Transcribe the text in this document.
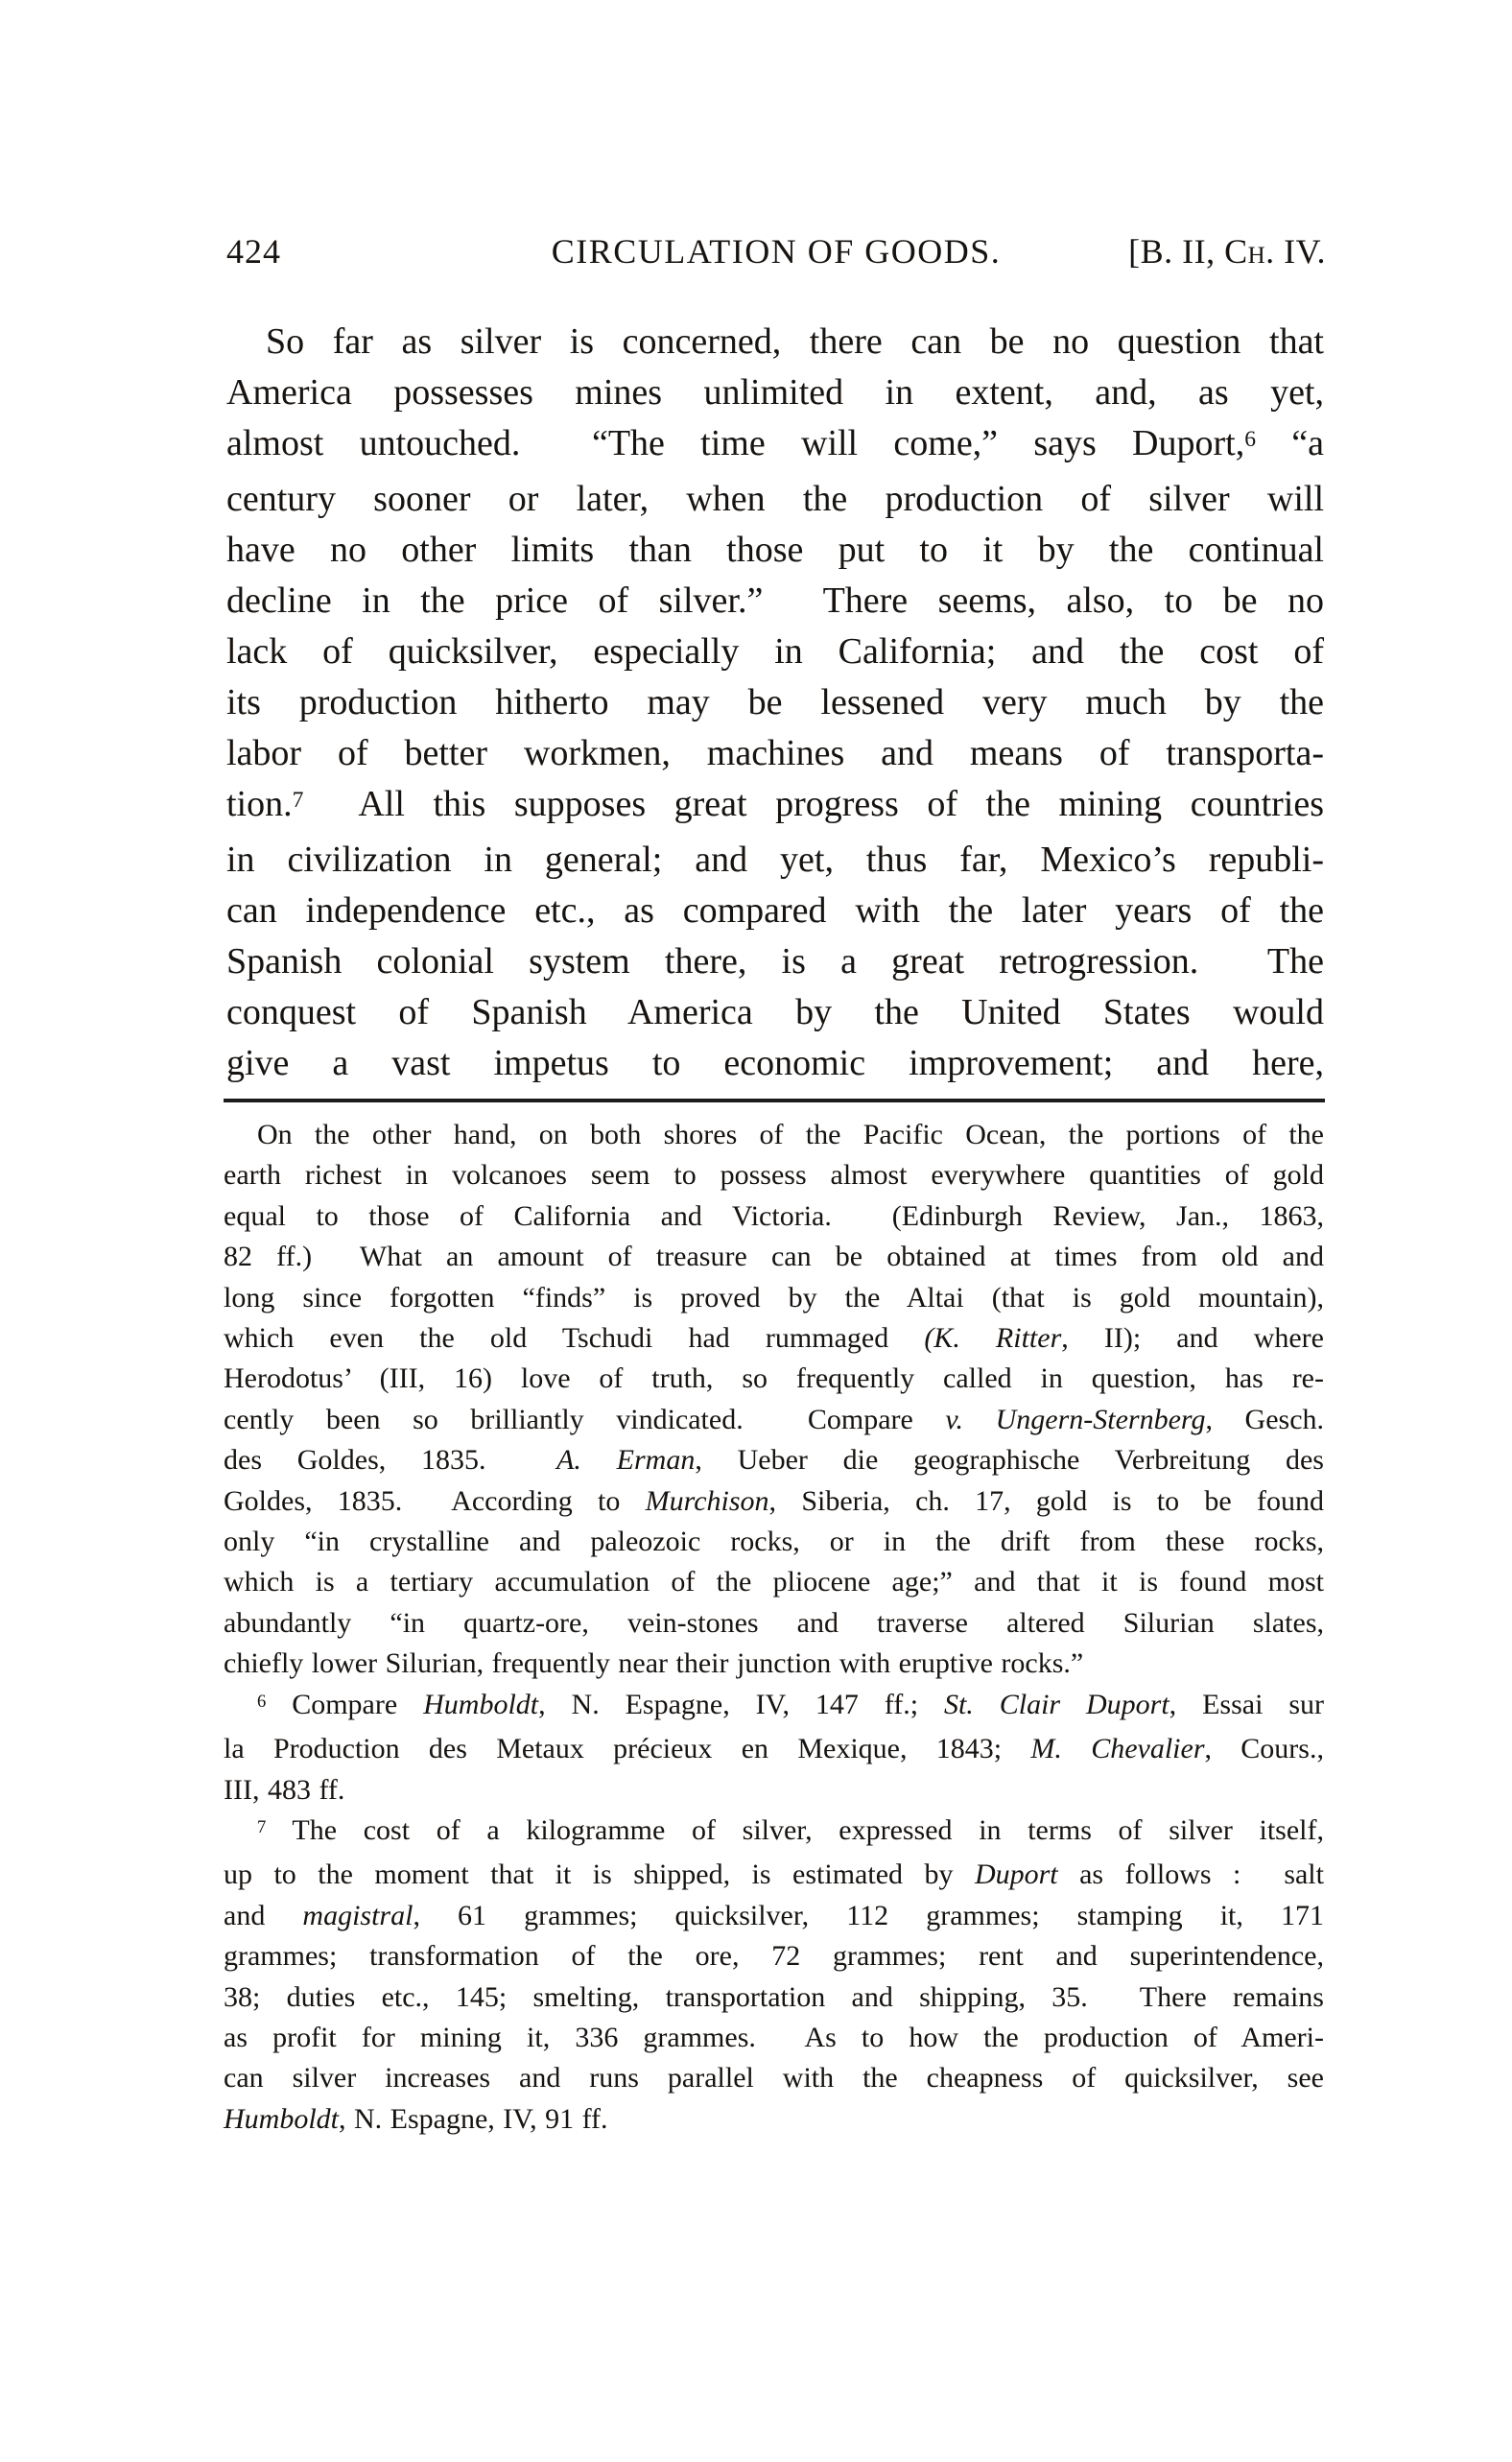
424	CIRCULATION OF GOODS.	[B. II, Ch. IV.
So far as silver is concerned, there can be no question that
America possesses mines unlimited in extent, and, as yet,
almost untouched.  “The time will come,” says Duport,$^6$ “a
century sooner or later, when the production of silver will
have no other limits than those put to it by the continual
decline in the price of silver.”  There seems, also, to be no
lack of quicksilver, especially in California; and the cost of
its production hitherto may be lessened very much by the
labor of better workmen, machines and means of transporta-
tion.$^7$  All this supposes great progress of the mining countries
in civilization in general; and yet, thus far, Mexico’s republi-
can independence etc., as compared with the later years of the
Spanish colonial system there, is a great retrogression.  The
conquest of Spanish America by the United States would
give a vast impetus to economic improvement; and here,
On the other hand, on both shores of the Pacific Ocean, the portions of the
earth richest in volcanoes seem to possess almost everywhere quantities of gold
equal to those of California and Victoria.  (Edinburgh Review, Jan., 1863,
82 ff.)  What an amount of treasure can be obtained at times from old and
long since forgotten “finds” is proved by the Altai (that is gold mountain),
which even the old Tschudi had rummaged (K. Ritter, II); and where
Herodotus’ (III, 16) love of truth, so frequently called in question, has re-
cently been so brilliantly vindicated.  Compare v. Ungern-Sternberg, Gesch.
des Goldes, 1835.  A. Erman, Ueber die geographische Verbreitung des
Goldes, 1835.  According to Murchison, Siberia, ch. 17, gold is to be found
only “in crystalline and paleozoic rocks, or in the drift from these rocks,
which is a tertiary accumulation of the pliocene age;” and that it is found most
abundantly “in quartz-ore, vein-stones and traverse altered Silurian slates,
chiefly lower Silurian, frequently near their junction with eruptive rocks.”
$^6$ Compare Humboldt, N. Espagne, IV, 147 ff.; St. Clair Duport, Essai sur
la Production des Metaux précieux en Mexique, 1843; M. Chevalier, Cours.,
III, 483 ff.
$^7$ The cost of a kilogramme of silver, expressed in terms of silver itself,
up to the moment that it is shipped, is estimated by Duport as follows :  salt
and magistral, 61 grammes; quicksilver, 112 grammes; stamping it, 171
grammes; transformation of the ore, 72 grammes; rent and superintendence,
38; duties etc., 145; smelting, transportation and shipping, 35.  There remains
as profit for mining it, 336 grammes.  As to how the production of Ameri-
can silver increases and runs parallel with the cheapness of quicksilver, see
Humboldt, N. Espagne, IV, 91 ff.
